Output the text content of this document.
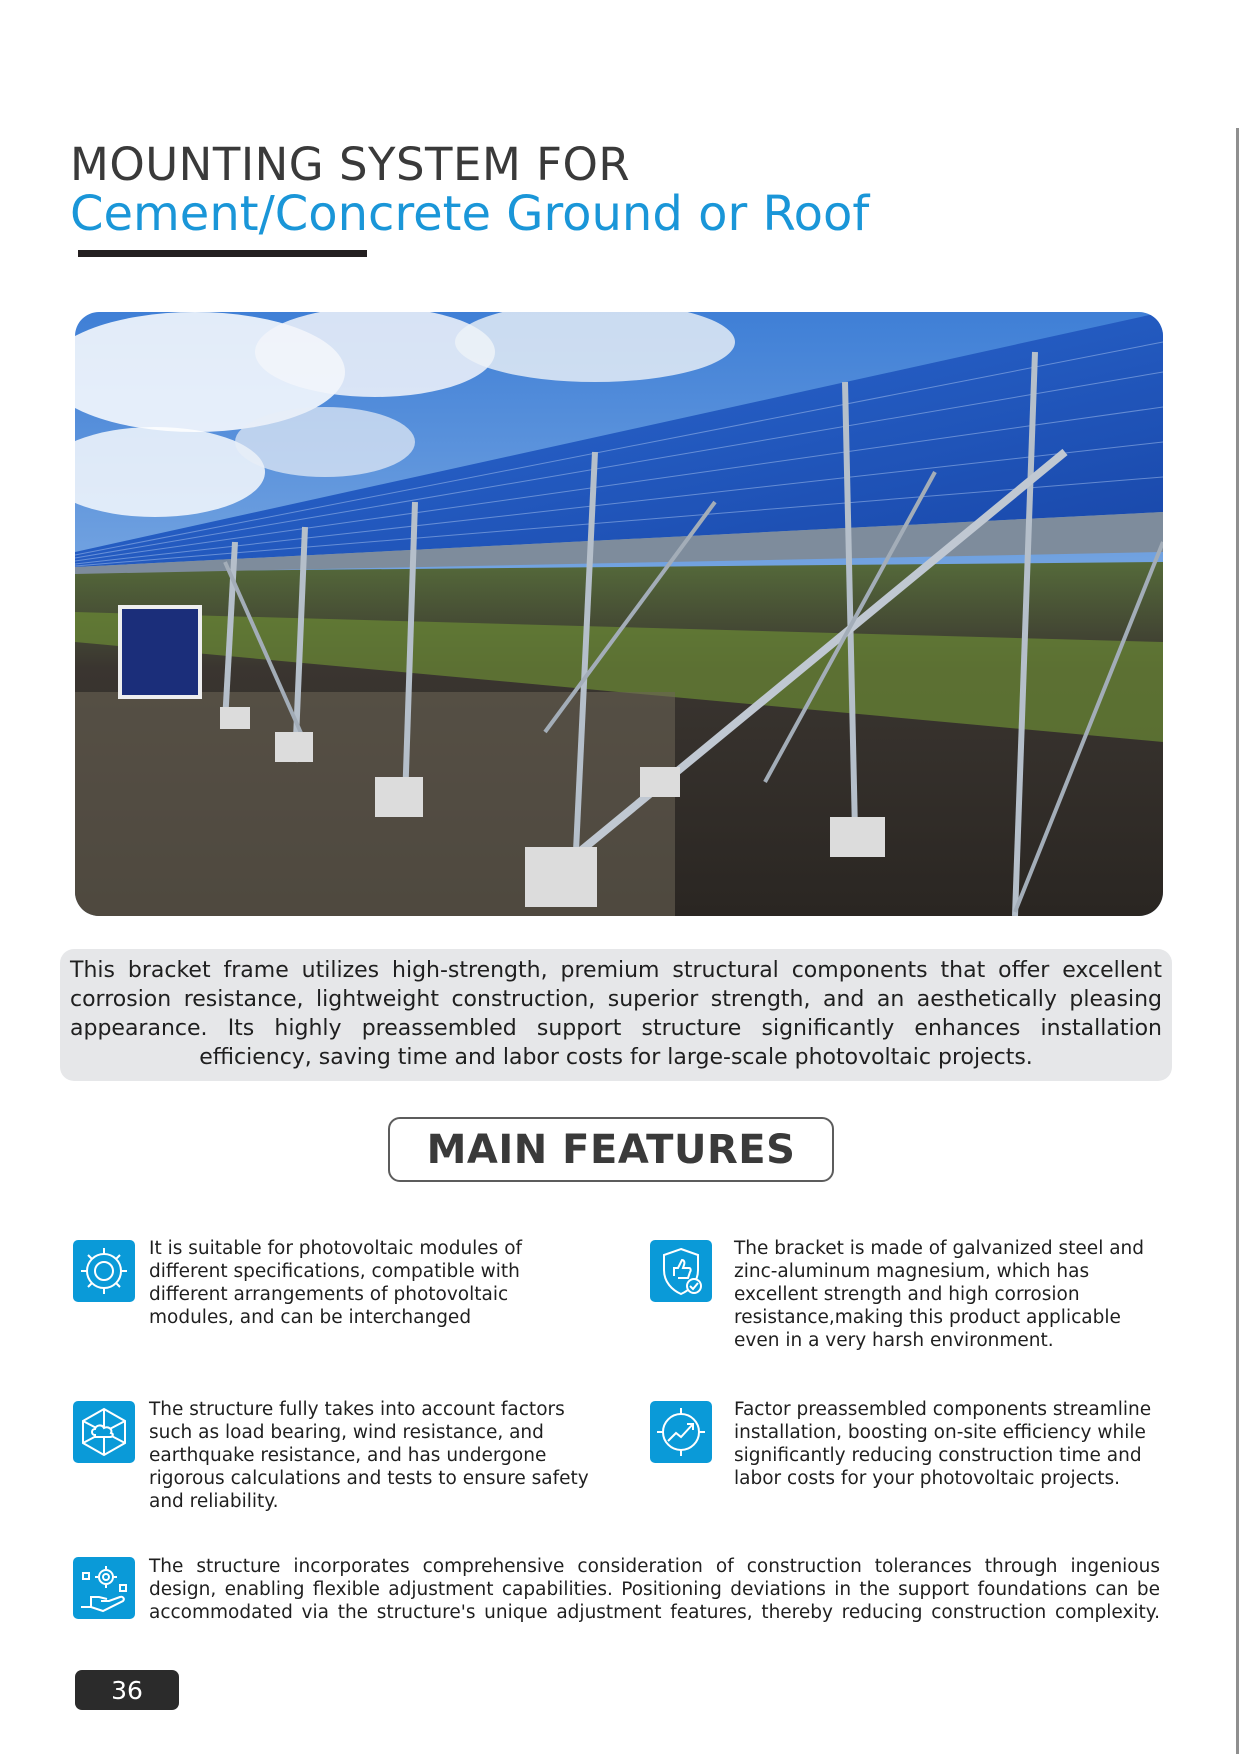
MOUNTING SYSTEM FOR
Cement/Concrete Ground or Roof
This bracket frame utilizes high-strength, premium structural components that offer excellent corrosion resistance, lightweight construction, superior strength, and an aesthetically pleasing appearance. Its highly preassembled support structure significantly enhances installation efficiency, saving time and labor costs for large-scale photovoltaic projects.
MAIN FEATURES
It is suitable for photovoltaic modules of different specifications, compatible with different arrangements of photovoltaic modules, and can be interchanged
The bracket is made of galvanized steel and zinc-aluminum magnesium, which has excellent strength and high corrosion resistance,making this product applicable even in a very harsh environment.
The structure fully takes into account factors such as load bearing, wind resistance, and earthquake resistance, and has undergone rigorous calculations and tests to ensure safety and reliability.
Factor preassembled components streamline installation, boosting on-site efficiency while significantly reducing construction time and labor costs for your photovoltaic projects.
The structure incorporates comprehensive consideration of construction tolerances through ingenious design, enabling flexible adjustment capabilities. Positioning deviations in the support foundations can be accommodated via the structure's unique adjustment features, thereby reducing construction complexity.
36
